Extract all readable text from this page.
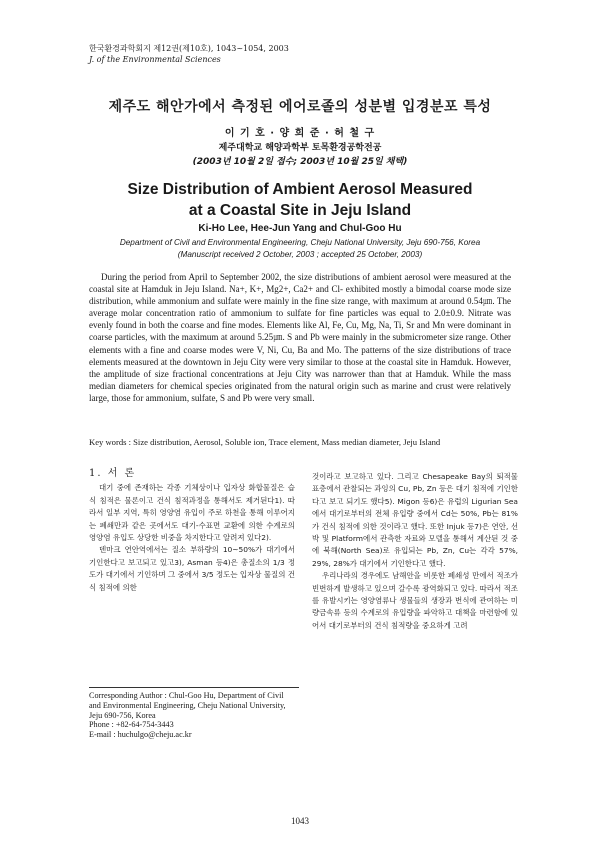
한국환경과학회지 제12권(제10호), 1043~1054, 2003
J. of the Environmental Sciences
제주도 해안가에서 측정된 에어로졸의 성분별 입경분포 특성
이 기 호 · 양 희 준 · 허 철 구
제주대학교 해양과학부 토목환경공학전공
(2003년 10월 2일 접수; 2003년 10월 25일 채택)
Size Distribution of Ambient Aerosol Measured
at a Coastal Site in Jeju Island
Ki-Ho Lee, Hee-Jun Yang and Chul-Goo Hu
Department of Civil and Environmental Engineering, Cheju National University, Jeju 690-756, Korea
(Manuscript received 2 October, 2003 ; accepted 25 October, 2003)

During the period from April to September 2002, the size distributions of ambient aerosol were measured at the coastal site at Hamduk in Jeju Island. Na+, K+, Mg2+, Ca2+ and Cl- exhibited mostly a bimodal coarse mode size distribution, while ammonium and sulfate were mainly in the fine size range, with maximum at around 0.54㎛. The average molar concentration ratio of ammonium to sulfate for fine particles was equal to 2.0±0.9. Nitrate was evenly found in both the coarse and fine modes. Elements like Al, Fe, Cu, Mg, Na, Ti, Sr and Mn were dominant in coarse particles, with the maximum at around 5.25㎛. S and Pb were mainly in the submicrometer size range. Other elements with a fine and coarse modes were V, Ni, Cu, Ba and Mo. The patterns of the size distributions of trace elements measured at the downtown in Jeju City were very similar to those at the coastal site in Hamduk. However, the amplitude of size fractional concentrations at Jeju City was narrower than that at Hamduk. While the mass median diameters for chemical species originated from the natural origin such as marine and crust were relatively large, those for ammonium, sulfate, S and Pb were very small.

Key words : Size distribution, Aerosol, Soluble ion, Trace element, Mass median diameter, Jeju Island

1. 서 론

대기 중에 존재하는 각종 기체상이나 입자상 화합물질은 습식 침적은 물론이고 건식 침적과정을 통해서도 제거된다1). 따라서 일부 지역, 특히 영양염 유입이 주로 하천을 통해 이루어지는 폐쇄만과 같은 곳에서도 대기-수표면 교환에 의한 수계로의 영양염 유입도 상당한 비중을 차지한다고 알려져 있다2).

덴마크 연안역에서는 질소 부하량의 10~50%가 대기에서 기인한다고 보고되고 있고3), Asman 등4)은 총질소의 1/3 정도가 대기에서 기인하며 그 중에서 3/5 정도는 입자상 물질의 건식 침적에 의한

것이라고 보고하고 있다. 그리고 Chesapeake Bay의 퇴적물 표층에서 관찰되는 과잉의 Cu, Pb, Zn 등은 대기 침적에 기인한다고 보고 되기도 했다5). Migon 등6)은 유럽의 Ligurian Sea에서 대기로부터의 전체 유입량 중에서 Cd는 50%, Pb는 81%가 건식 침적에 의한 것이라고 했다. 또한 Injuk 등7)은 연안, 선박 및 Platform에서 관측한 자료와 모델을 통해서 계산된 것 중에 북해(North Sea)로 유입되는 Pb, Zn, Cu는 각각 57%, 29%, 28%가 대기에서 기인한다고 했다.

우리나라의 경우에도 남해안을 비롯한 폐쇄성 만에서 적조가 빈번하게 발생하고 있으며 갈수록 광역화되고 있다. 따라서 적조를 유발시키는 영양염류나 생물들의 생장과 번식에 관여하는 미량금속류 등의 수계로의 유입량을 파악하고 대책을 마련함에 있어서 대기로부터의 건식 침적량을 중요하게 고려

Corresponding Author : Chul-Goo Hu, Department of Civil
and Environmental Engineering, Cheju National University,
Jeju 690-756, Korea
Phone : +82-64-754-3443
E-mail : huchulgo@cheju.ac.kr
1043
